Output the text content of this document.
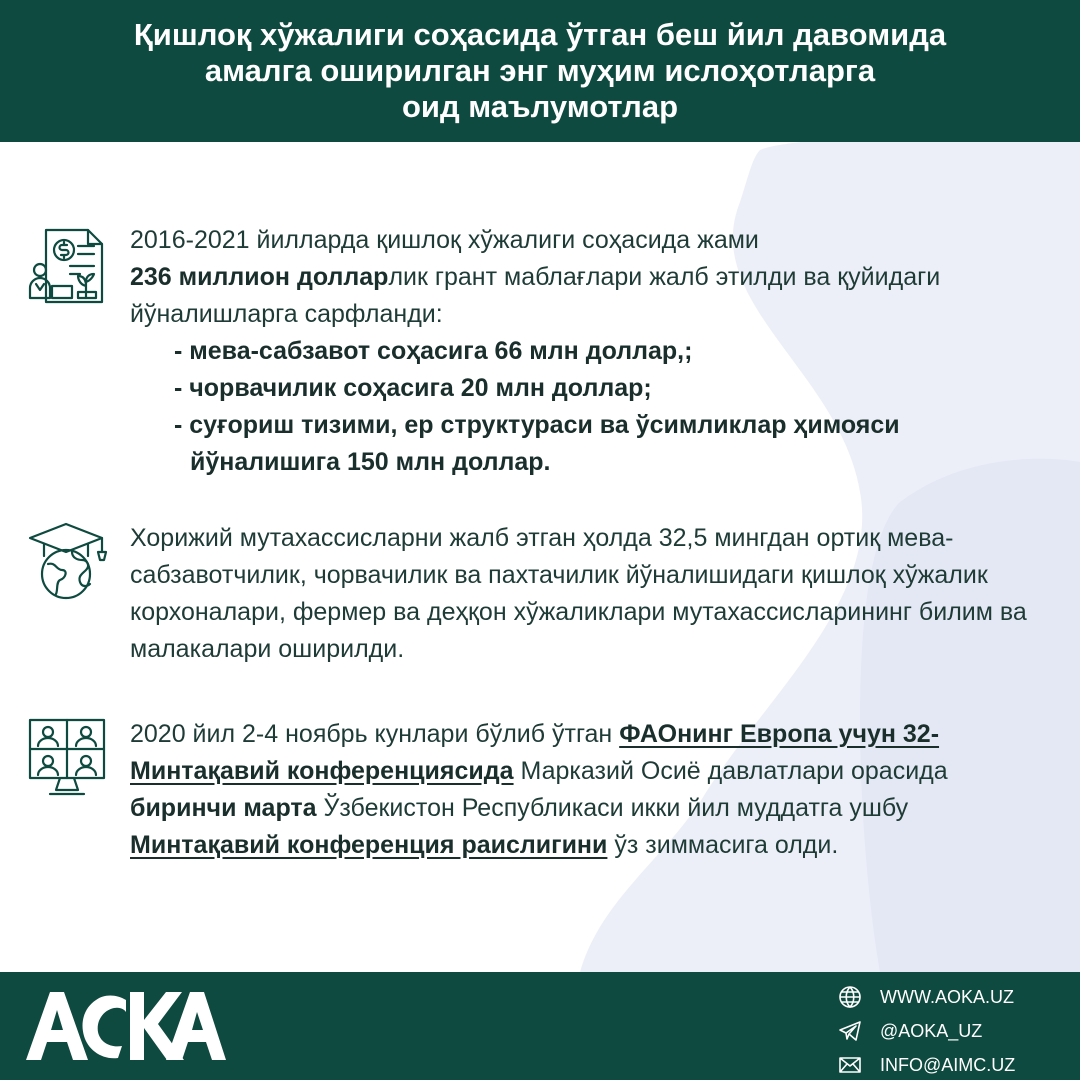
Қишлоқ хўжалиги соҳасида ўтган беш йил давомида
амалга оширилган энг муҳим ислоҳотларга
оид маълумотлар

2016-2021 йилларда қишлоқ хўжалиги соҳасида жами
236 миллион долларлик грант маблағлари жалб этилди ва қуйидаги йўналишларга сарфланди:

- мева-сабзавот соҳасига 66 млн доллар,;
- чорвачилик соҳасига 20 млн доллар;
- суғориш тизими, ер структураси ва ўсимликлар ҳимояси
йўналишига 150 млн доллар.
Хорижий мутахассисларни жалб этган ҳолда 32,5 мингдан ортиқ мева-сабзавотчилик, чорвачилик ва пахтачилик йўналишидаги қишлоқ хўжалик корхоналари, фермер ва деҳқон хўжаликлари мутахассисларининг билим ва малакалари оширилди.
2020 йил 2-4 ноябрь кунлари бўлиб ўтган ФАОнинг Европа учун 32-Минтақавий конференциясида Марказий Осиё давлатлари орасида биринчи марта Ўзбекистон Республикаси икки йил муддатга ушбу Минтақавий конференция раислигини ўз зиммасига олди.
WWW.AOKA.UZ
@AOKA_UZ
INFO@AIMC.UZ
